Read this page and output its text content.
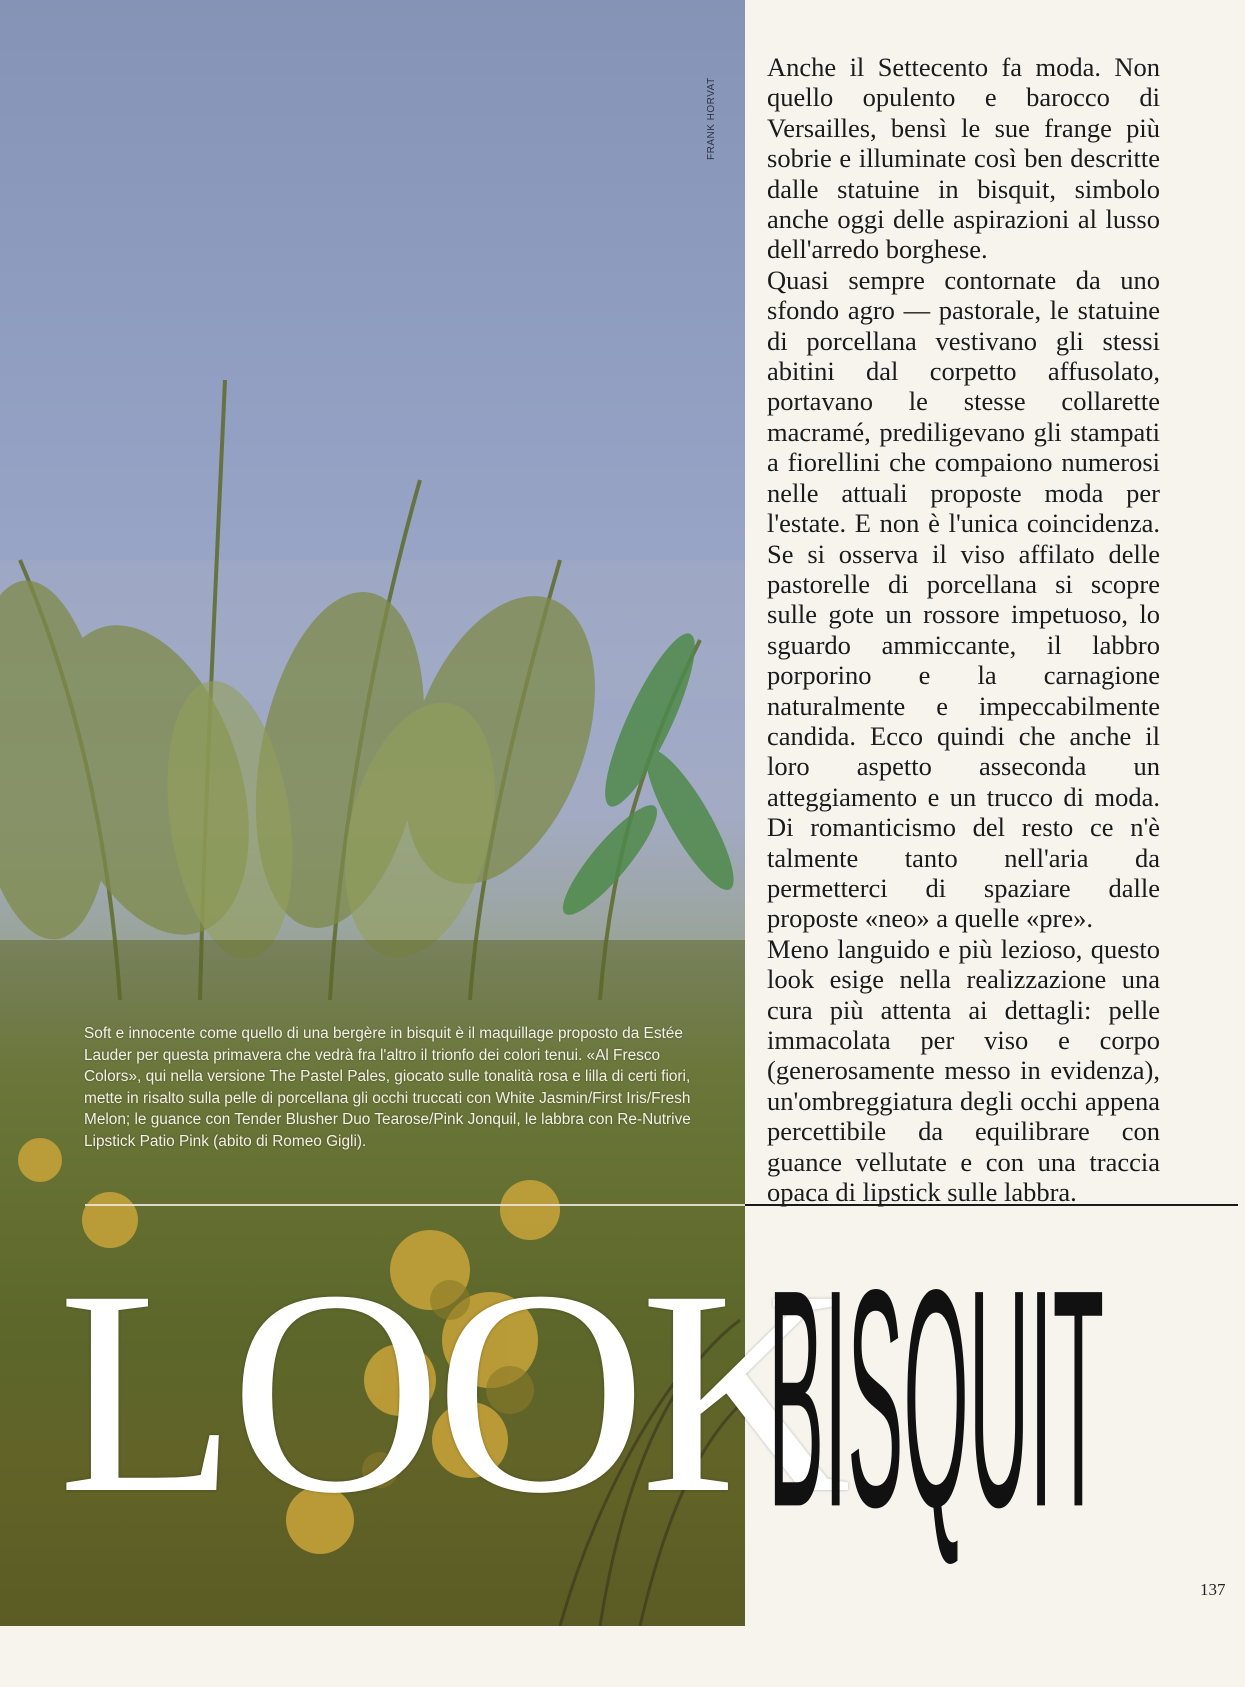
FRANK HORVAT
Soft e innocente come quello di una bergère in bisquit è il maquillage proposto da Estée Lauder per questa primavera che vedrà fra l'altro il trionfo dei colori tenui. «Al Fresco Colors», qui nella versione The Pastel Pales, giocato sulle tonalità rosa e lilla di certi fiori, mette in risalto sulla pelle di porcellana gli occhi truccati con White Jasmin/First Iris/Fresh Melon; le guance con Tender Blusher Duo Tearose/Pink Jonquil, le labbra con Re-Nutrive Lipstick Patio Pink (abito di Romeo Gigli).
LOOK

Anche il Settecento fa moda. Non quello opulento e barocco di Versailles, bensì le sue frange più sobrie e illuminate così ben descritte dalle statuine in bisquit, simbolo anche oggi delle aspirazioni al lusso dell'arredo borghese.

Quasi sempre contornate da uno sfondo agro — pastorale, le statuine di porcellana vestivano gli stessi abitini dal corpetto affusolato, portavano le stesse collarette macramé, prediligevano gli stampati a fiorellini che compaiono numerosi nelle attuali proposte moda per l'estate. E non è l'unica coincidenza. Se si osserva il viso affilato delle pastorelle di porcellana si scopre sulle gote un rossore impetuoso, lo sguardo ammiccante, il labbro porporino e la carnagione naturalmente e impeccabilmente candida. Ecco quindi che anche il loro aspetto asseconda un atteggiamento e un trucco di moda. Di romanticismo del resto ce n'è talmente tanto nell'aria da permetterci di spaziare dalle proposte «neo» a quelle «pre».

Meno languido e più lezioso, questo look esige nella realizzazione una cura più attenta ai dettagli: pelle immacolata per viso e corpo (generosamente messo in evidenza), un'ombreggiatura degli occhi appena percettibile da equilibrare con guance vellutate e con una traccia opaca di lipstick sulle labbra.

BISQUIT
137
